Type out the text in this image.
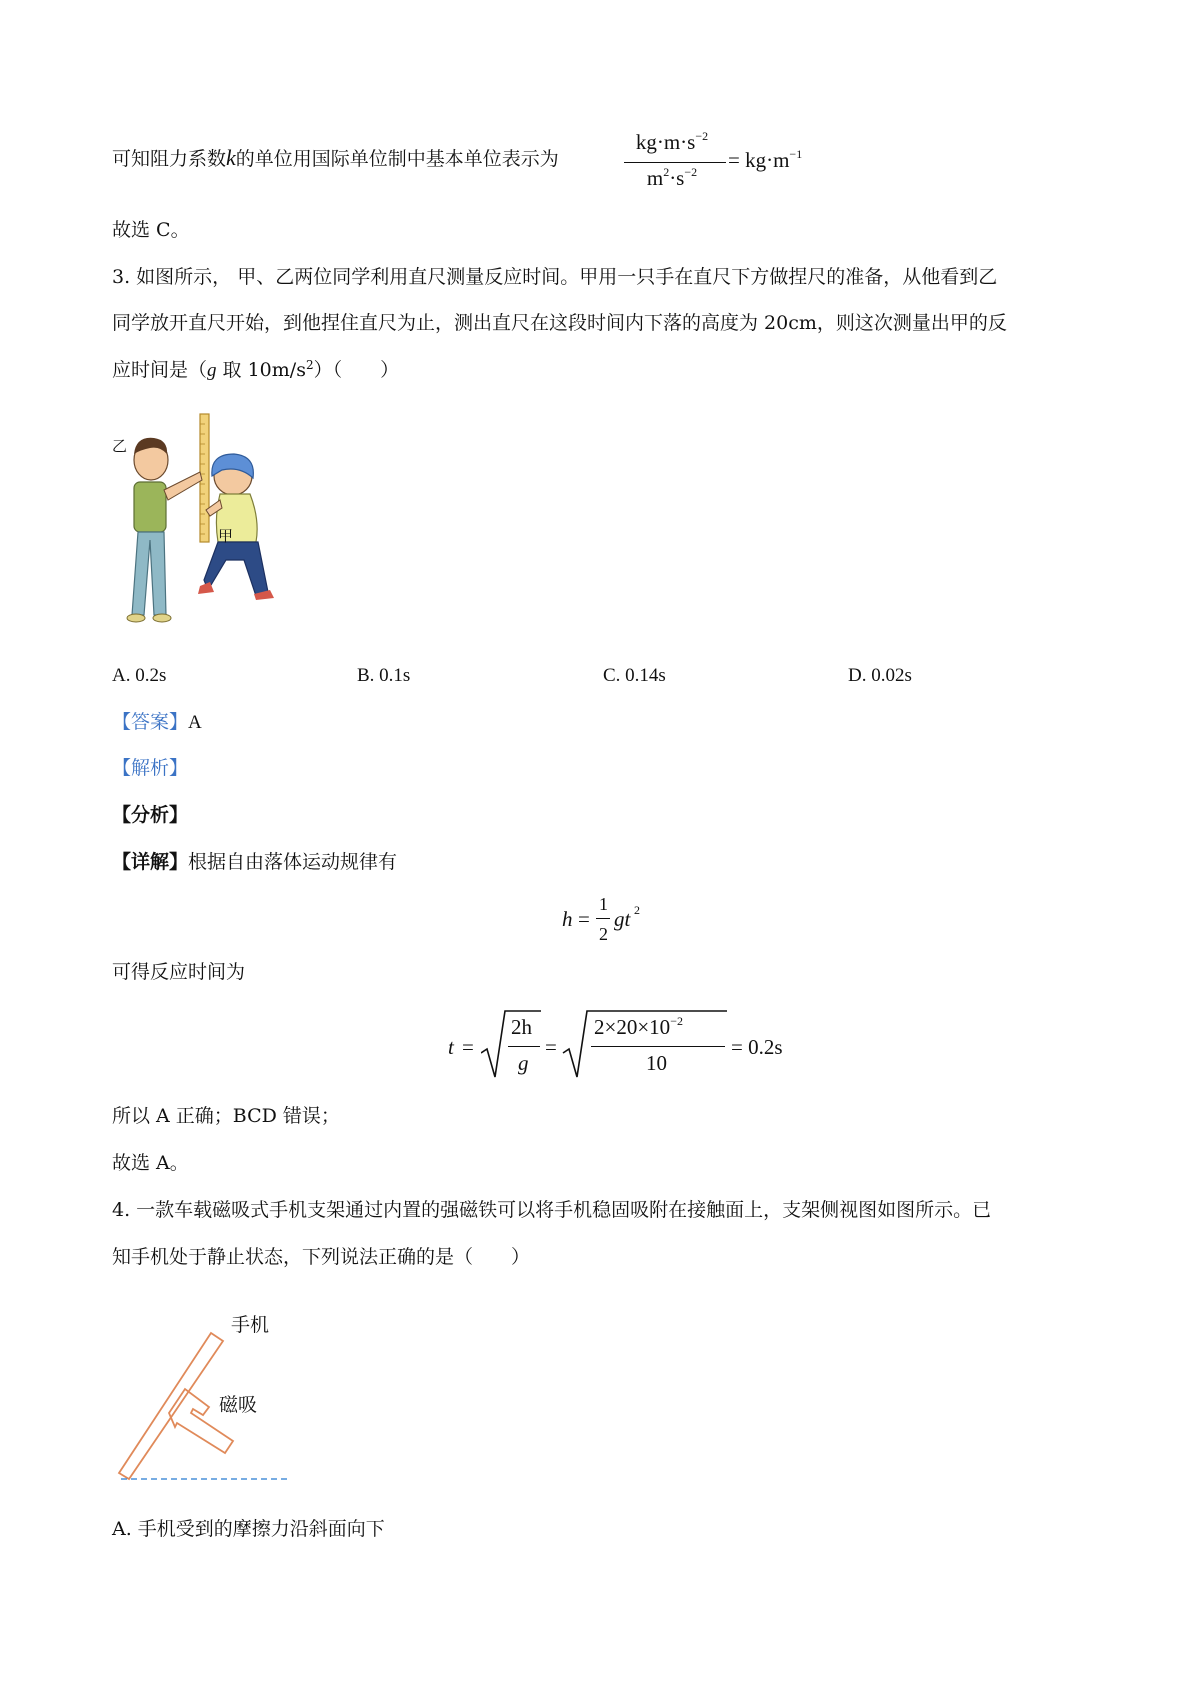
可知阻力系数k的单位用国际单位制中基本单位表示为
$kg\cdot m\cdot s^{-2}$
$m^2\cdot s^{-2}$	= $kg\cdot m^{-1}$
故选 C。
3. 如图所示， 甲、乙两位同学利用直尺测量反应时间。甲用一只手在直尺下方做捏尺的准备，从他看到乙
同学放开直尺开始，到他捏住直尺为止，测出直尺在这段时间内下落的高度为 20cm，则这次测量出甲的反
应时间是（g 取 $10m/s^2$）（　　）
乙
甲
A. 0.2s	B. 0.1s	C. 0.14s	D. 0.02s
【答案】A
【解析】
【分析】
【详解】根据自由落体运动规律有
h =
1
2
gt 2
可得反应时间为
t =
2h
g
=
$2\times 20\times 10^{-2}$
10
= 0.2s
所以 A 正确；BCD 错误；
故选 A。
4. 一款车载磁吸式手机支架通过内置的强磁铁可以将手机稳固吸附在接触面上，支架侧视图如图所示。已
知手机处于静止状态，下列说法正确的是（　　）
手机
磁吸
A. 手机受到的摩擦力沿斜面向下
